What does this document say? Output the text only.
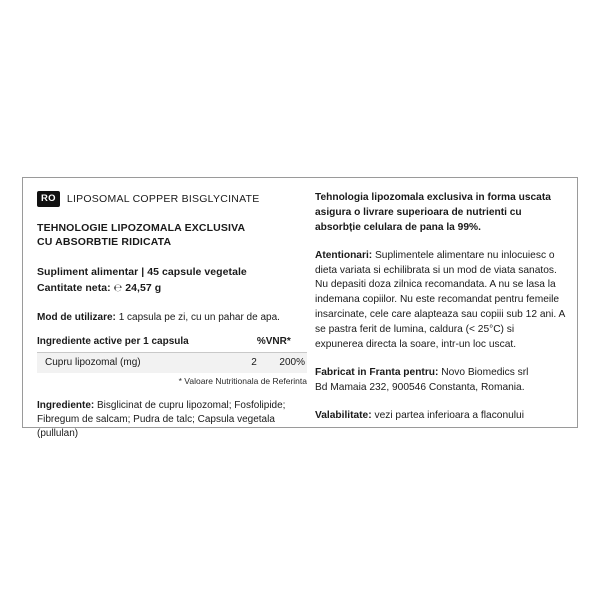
RO	LIPOSOMAL COPPER BISGLYCINATE
TEHNOLOGIE LIPOZOMALA EXCLUSIVA
CU ABSORBTIE RIDICATA
Supliment alimentar | 45 capsule vegetale
Cantitate neta: ℮ 24,57 g
Mod de utilizare: 1 capsula pe zi, cu un pahar de apa.
Ingrediente active per 1 capsula		%VNR*
Cupru lipozomal (mg)	2	200%
* Valoare Nutritionala de Referinta
Ingrediente: Bisglicinat de cupru lipozomal; Fosfolipide; Fibregum de salcam; Pudra de talc; Capsula vegetala (pullulan)
Tehnologia lipozomala exclusiva in forma uscata asigura o livrare superioara de nutrienti cu absorbție celulara de pana la 99%.
Atentionari: Suplimentele alimentare nu inlocuiesc o dieta variata si echilibrata si un mod de viata sanatos. Nu depasiti doza zilnica recomandata. A nu se lasa la indemana copiilor. Nu este recomandat pentru femeile insarcinate, cele care alapteaza sau copiii sub 12 ani. A se pastra ferit de lumina, caldura (< 25°C) si expunerea directa la soare, intr-un loc uscat.
Fabricat in Franta pentru: Novo Biomedics srl
Bd Mamaia 232, 900546 Constanta, Romania.
Valabilitate: vezi partea inferioara a flaconului
